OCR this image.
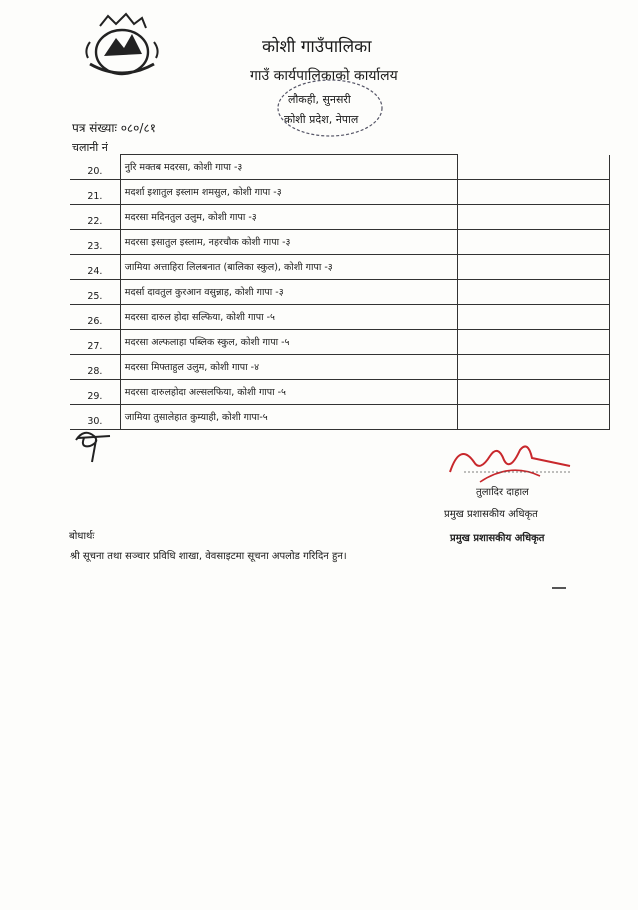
कोशी गाउँपालिका
गाउँ कार्यपालिकाको कार्यालय
लौकही, सुनसरी
कोशी प्रदेश, नेपाल
पत्र संख्याः ०८०/८१
चलानी नं
20.	नुरि मक्तब मदरसा, कोशी गापा -३	
21.	मदर्शा इशातुल इस्लाम शमसुल, कोशी गापा -३	
22.	मदरसा मदिनतुल उलुम, कोशी गापा -३	
23.	मदरसा इसातुल इस्लाम, नहरचौक कोशी गापा -३	
24.	जामिया अत्ताहिरा लिलबनात (बालिका स्कुल), कोशी गापा -३	
25.	मदर्सा दावतुल कुरआन वसुन्नाह, कोशी गापा -३	
26.	मदरसा दारुल होदा सल्फिया, कोशी गापा -५	
27.	मदरसा अल्फलाहा पब्लिक स्कुल, कोशी गापा -५	
28.	मदरसा मिफ्ताहुल उलुम, कोशी गापा -४	
29.	मदरसा दारुलहोदा अल्सलफिया, कोशी गापा -५	
30.	जामिया तुसालेहात कुम्याही, कोशी गापा-५	
तुलादिर दाहाल
प्रमुख प्रशासकीय अधिकृत
प्रमुख प्रशासकीय अधिकृत
बोधार्थः
श्री सूचना तथा सञ्चार प्रविधि शाखा, वेवसाइटमा सूचना अपलोड गरिदिन हुन।
